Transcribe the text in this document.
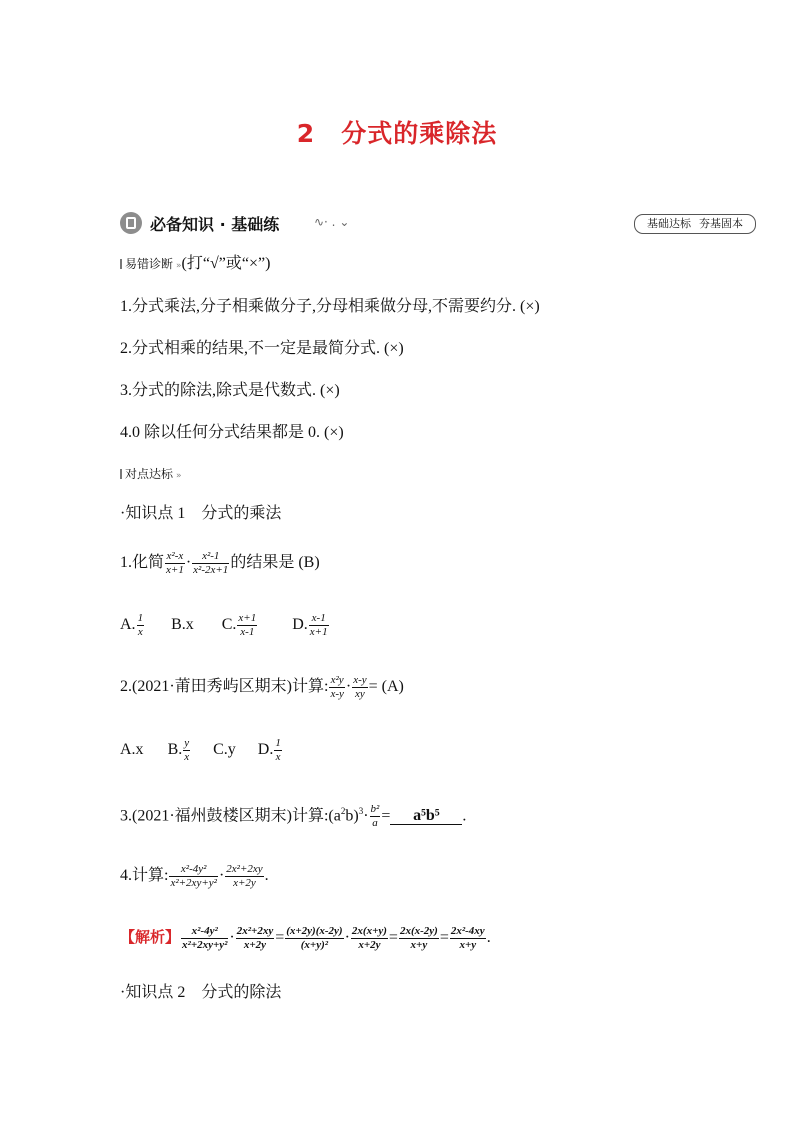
2 分式的乘除法
必备知识 · 基础练	∿· . ⌄	基础达标 夯基固本
易错诊断 »(打“√”或“×”)
1.分式乘法,分子相乘做分子,分母相乘做分母,不需要约分. (×)
2.分式相乘的结果,不一定是最简分式. (×)
3.分式的除法,除式是代数式. (×)
4.0 除以任何分式结果都是 0. (×)
对点达标 »
·知识点 1　分式的乘法
1.化简 $\frac{\text{x²-x}}{x+1} \cdot \frac{\text{x²-1}}{\text{x²-2x+1}}$ 的结果是 (B)
A. $\frac{1}{x} B.x$ C. $\frac{x+1}{x-1} D$. $\frac{x-1}{x+1}$
2.(2021·莆田秀屿区期末)计算: $\frac{\text{x²y}}{x-y} \cdot \frac{x-y}{xy} = (A)$
A.x B. $\frac{y}{x} C.y$ D. $\frac{1}{x}$
3.(2021·福州鼓楼区期末)计算$:(a^2b)^3\cdot \frac{\text{b²}}{a} = a^5b^5$ .
4.计算: $\frac{\text{x²-4y²}}{\text{x²+2xy+y²}} \cdot \frac{\text{2x²+2xy}}{x+2y}$ .
【解析】 $\frac{\text{x²-4y²}}{\text{x²+2xy+y²}} \cdot \frac{\text{2x²+2xy}}{x+2y} = \frac{(x+2y)(x-2y)}{\text{(x+y)²}} \cdot \frac{2x(x+y)}{x+2y} = \frac{2x(x-2y)}{x+y} = \frac{\text{2x²-4xy}}{x+y}$ .
·知识点 2　分式的除法
